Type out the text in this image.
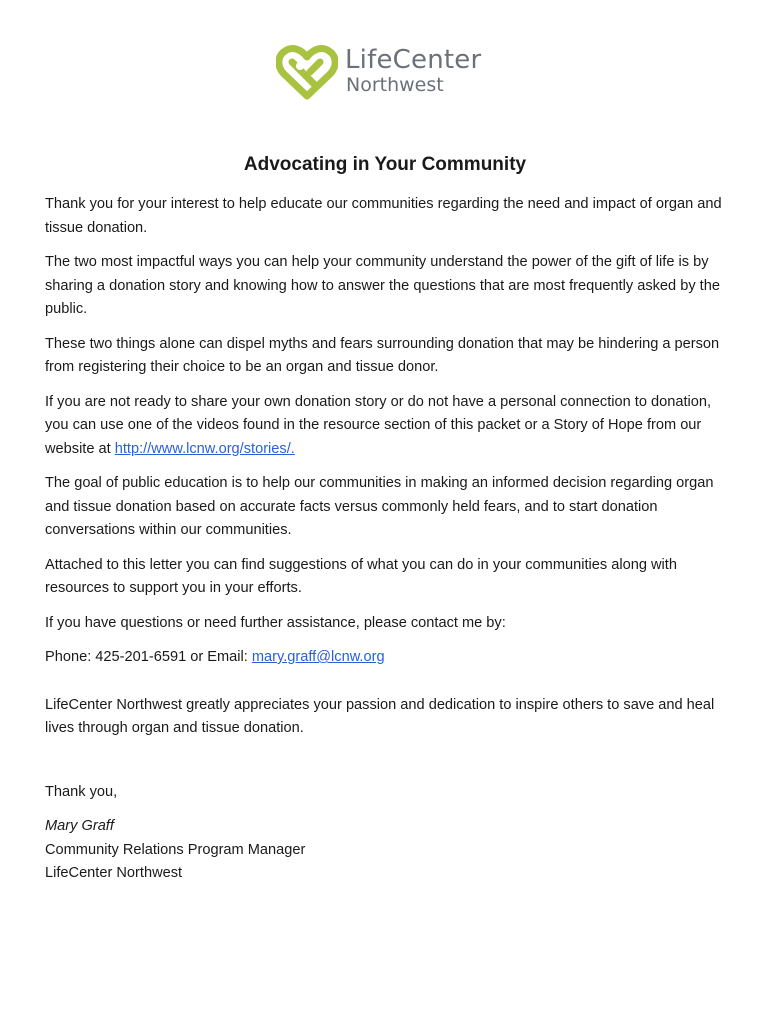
LifeCenter
Northwest
Advocating in Your Community

Thank you for your interest to help educate our communities regarding the need and impact of organ and tissue donation.

The two most impactful ways you can help your community understand the power of the gift of life is by sharing a donation story and knowing how to answer the questions that are most frequently asked by the public.

These two things alone can dispel myths and fears surrounding donation that may be hindering a person from registering their choice to be an organ and tissue donor.

If you are not ready to share your own donation story or do not have a personal connection to donation, you can use one of the videos found in the resource section of this packet or a Story of Hope from our website at http://www.lcnw.org/stories/.

The goal of public education is to help our communities in making an informed decision regarding organ and tissue donation based on accurate facts versus commonly held fears, and to start donation conversations within our communities.

Attached to this letter you can find suggestions of what you can do in your communities along with resources to support you in your efforts.

If you have questions or need further assistance, please contact me by:

Phone: 425-201-6591 or Email: mary.graff@lcnw.org

LifeCenter Northwest greatly appreciates your passion and dedication to inspire others to save and heal lives through organ and tissue donation.

Thank you,

Mary Graff

Community Relations Program Manager

LifeCenter Northwest
